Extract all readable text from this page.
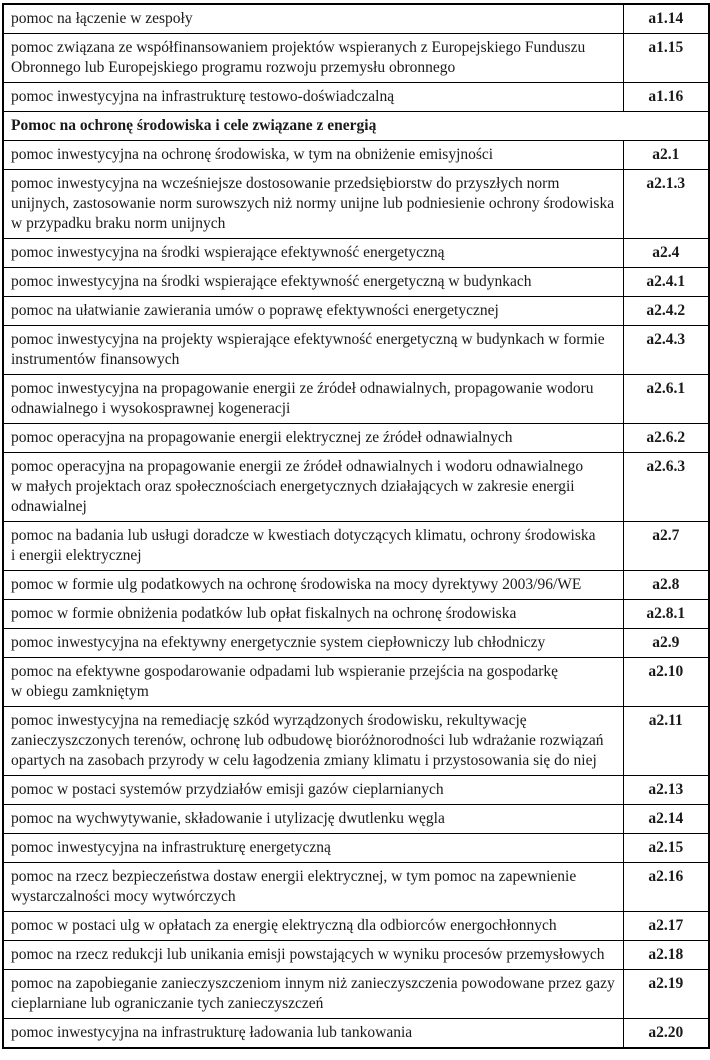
pomoc na łączenie w zespoły	a1.14
pomoc związana ze współfinansowaniem projektów wspieranych z Europejskiego Funduszu Obronnego lub Europejskiego programu rozwoju przemysłu obronnego	a1.15
pomoc inwestycyjna na infrastrukturę testowo-doświadczalną	a1.16
Pomoc na ochronę środowiska i cele związane z energią	
pomoc inwestycyjna na ochronę środowiska, w tym na obniżenie emisyjności	a2.1
pomoc inwestycyjna na wcześniejsze dostosowanie przedsiębiorstw do przyszłych norm unijnych, zastosowanie norm surowszych niż normy unijne lub podniesienie ochrony środowiska w przypadku braku norm unijnych	a2.1.3
pomoc inwestycyjna na środki wspierające efektywność energetyczną	a2.4
pomoc inwestycyjna na środki wspierające efektywność energetyczną w budynkach	a2.4.1
pomoc na ułatwianie zawierania umów o poprawę efektywności energetycznej	a2.4.2
pomoc inwestycyjna na projekty wspierające efektywność energetyczną w budynkach w formie instrumentów finansowych	a2.4.3
pomoc inwestycyjna na propagowanie energii ze źródeł odnawialnych, propagowanie wodoru odnawialnego i wysokosprawnej kogeneracji	a2.6.1
pomoc operacyjna na propagowanie energii elektrycznej ze źródeł odnawialnych	a2.6.2
pomoc operacyjna na propagowanie energii ze źródeł odnawialnych i wodoru odnawialnego w małych projektach oraz społecznościach energetycznych działających w zakresie energii odnawialnej	a2.6.3
pomoc na badania lub usługi doradcze w kwestiach dotyczących klimatu, ochrony środowiska i energii elektrycznej	a2.7
pomoc w formie ulg podatkowych na ochronę środowiska na mocy dyrektywy 2003/96/WE	a2.8
pomoc w formie obniżenia podatków lub opłat fiskalnych na ochronę środowiska	a2.8.1
pomoc inwestycyjna na efektywny energetycznie system ciepłowniczy lub chłodniczy	a2.9
pomoc na efektywne gospodarowanie odpadami lub wspieranie przejścia na gospodarkę w obiegu zamkniętym	a2.10
pomoc inwestycyjna na remediację szkód wyrządzonych środowisku, rekultywację zanieczyszczonych terenów, ochronę lub odbudowę bioróżnorodności lub wdrażanie rozwiązań opartych na zasobach przyrody w celu łagodzenia zmiany klimatu i przystosowania się do niej	a2.11
pomoc w postaci systemów przydziałów emisji gazów cieplarnianych	a2.13
pomoc na wychwytywanie, składowanie i utylizację dwutlenku węgla	a2.14
pomoc inwestycyjna na infrastrukturę energetyczną	a2.15
pomoc na rzecz bezpieczeństwa dostaw energii elektrycznej, w tym pomoc na zapewnienie wystarczalności mocy wytwórczych	a2.16
pomoc w postaci ulg w opłatach za energię elektryczną dla odbiorców energochłonnych	a2.17
pomoc na rzecz redukcji lub unikania emisji powstających w wyniku procesów przemysłowych	a2.18
pomoc na zapobieganie zanieczyszczeniom innym niż zanieczyszczenia powodowane przez gazy cieplarniane lub ograniczanie tych zanieczyszczeń	a2.19
pomoc inwestycyjna na infrastrukturę ładowania lub tankowania	a2.20
